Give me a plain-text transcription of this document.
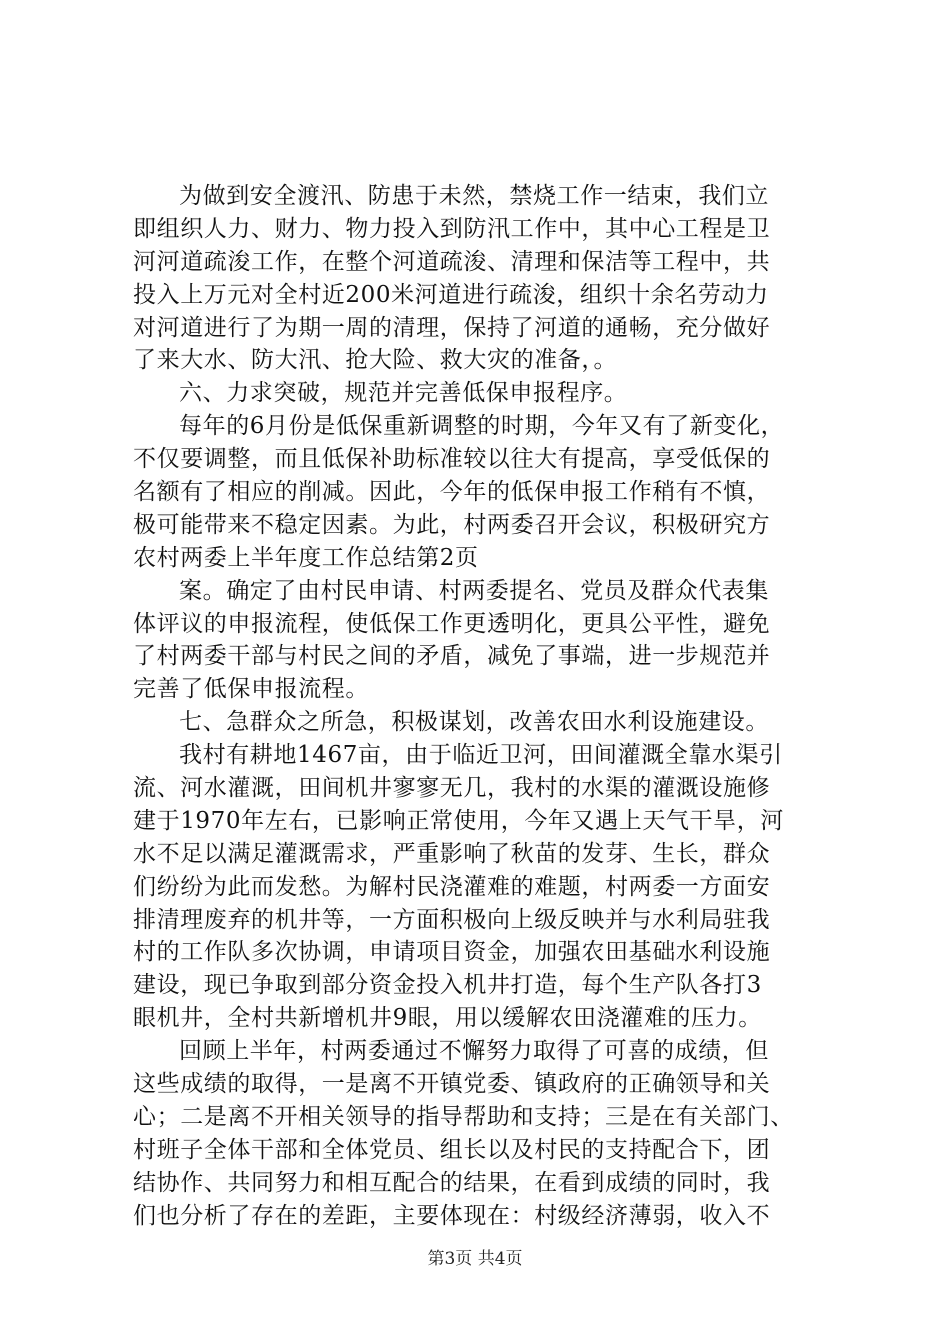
为做到安全渡汛、防患于未然，禁烧工作一结束，我们立
即组织人力、财力、物力投入到防汛工作中，其中心工程是卫
河河道疏浚工作，在整个河道疏浚、清理和保洁等工程中，共
投入上万元对全村近200米河道进行疏浚，组织十余名劳动力
对河道进行了为期一周的清理，保持了河道的通畅，充分做好
了来大水、防大汛、抢大险、救大灾的准备，。
六、力求突破，规范并完善低保申报程序。
每年的6月份是低保重新调整的时期，今年又有了新变化，
不仅要调整，而且低保补助标准较以往大有提高，享受低保的
名额有了相应的削减。因此，今年的低保申报工作稍有不慎，
极可能带来不稳定因素。为此，村两委召开会议，积极研究方
农村两委上半年度工作总结第2页
案。确定了由村民申请、村两委提名、党员及群众代表集
体评议的申报流程，使低保工作更透明化，更具公平性，避免
了村两委干部与村民之间的矛盾，减免了事端，进一步规范并
完善了低保申报流程。
七、急群众之所急，积极谋划，改善农田水利设施建设。
我村有耕地1467亩，由于临近卫河，田间灌溉全靠水渠引
流、河水灌溉，田间机井寥寥无几，我村的水渠的灌溉设施修
建于1970年左右，已影响正常使用，今年又遇上天气干旱，河
水不足以满足灌溉需求，严重影响了秋苗的发芽、生长，群众
们纷纷为此而发愁。为解村民浇灌难的难题，村两委一方面安
排清理废弃的机井等，一方面积极向上级反映并与水利局驻我
村的工作队多次协调，申请项目资金，加强农田基础水利设施
建设，现已争取到部分资金投入机井打造，每个生产队各打3
眼机井，全村共新增机井9眼，用以缓解农田浇灌难的压力。
回顾上半年，村两委通过不懈努力取得了可喜的成绩，但
这些成绩的取得，一是离不开镇党委、镇政府的正确领导和关
心；二是离不开相关领导的指导帮助和支持；三是在有关部门、
村班子全体干部和全体党员、组长以及村民的支持配合下，团
结协作、共同努力和相互配合的结果，在看到成绩的同时，我
们也分析了存在的差距，主要体现在：村级经济薄弱，收入不
第3页 共4页
